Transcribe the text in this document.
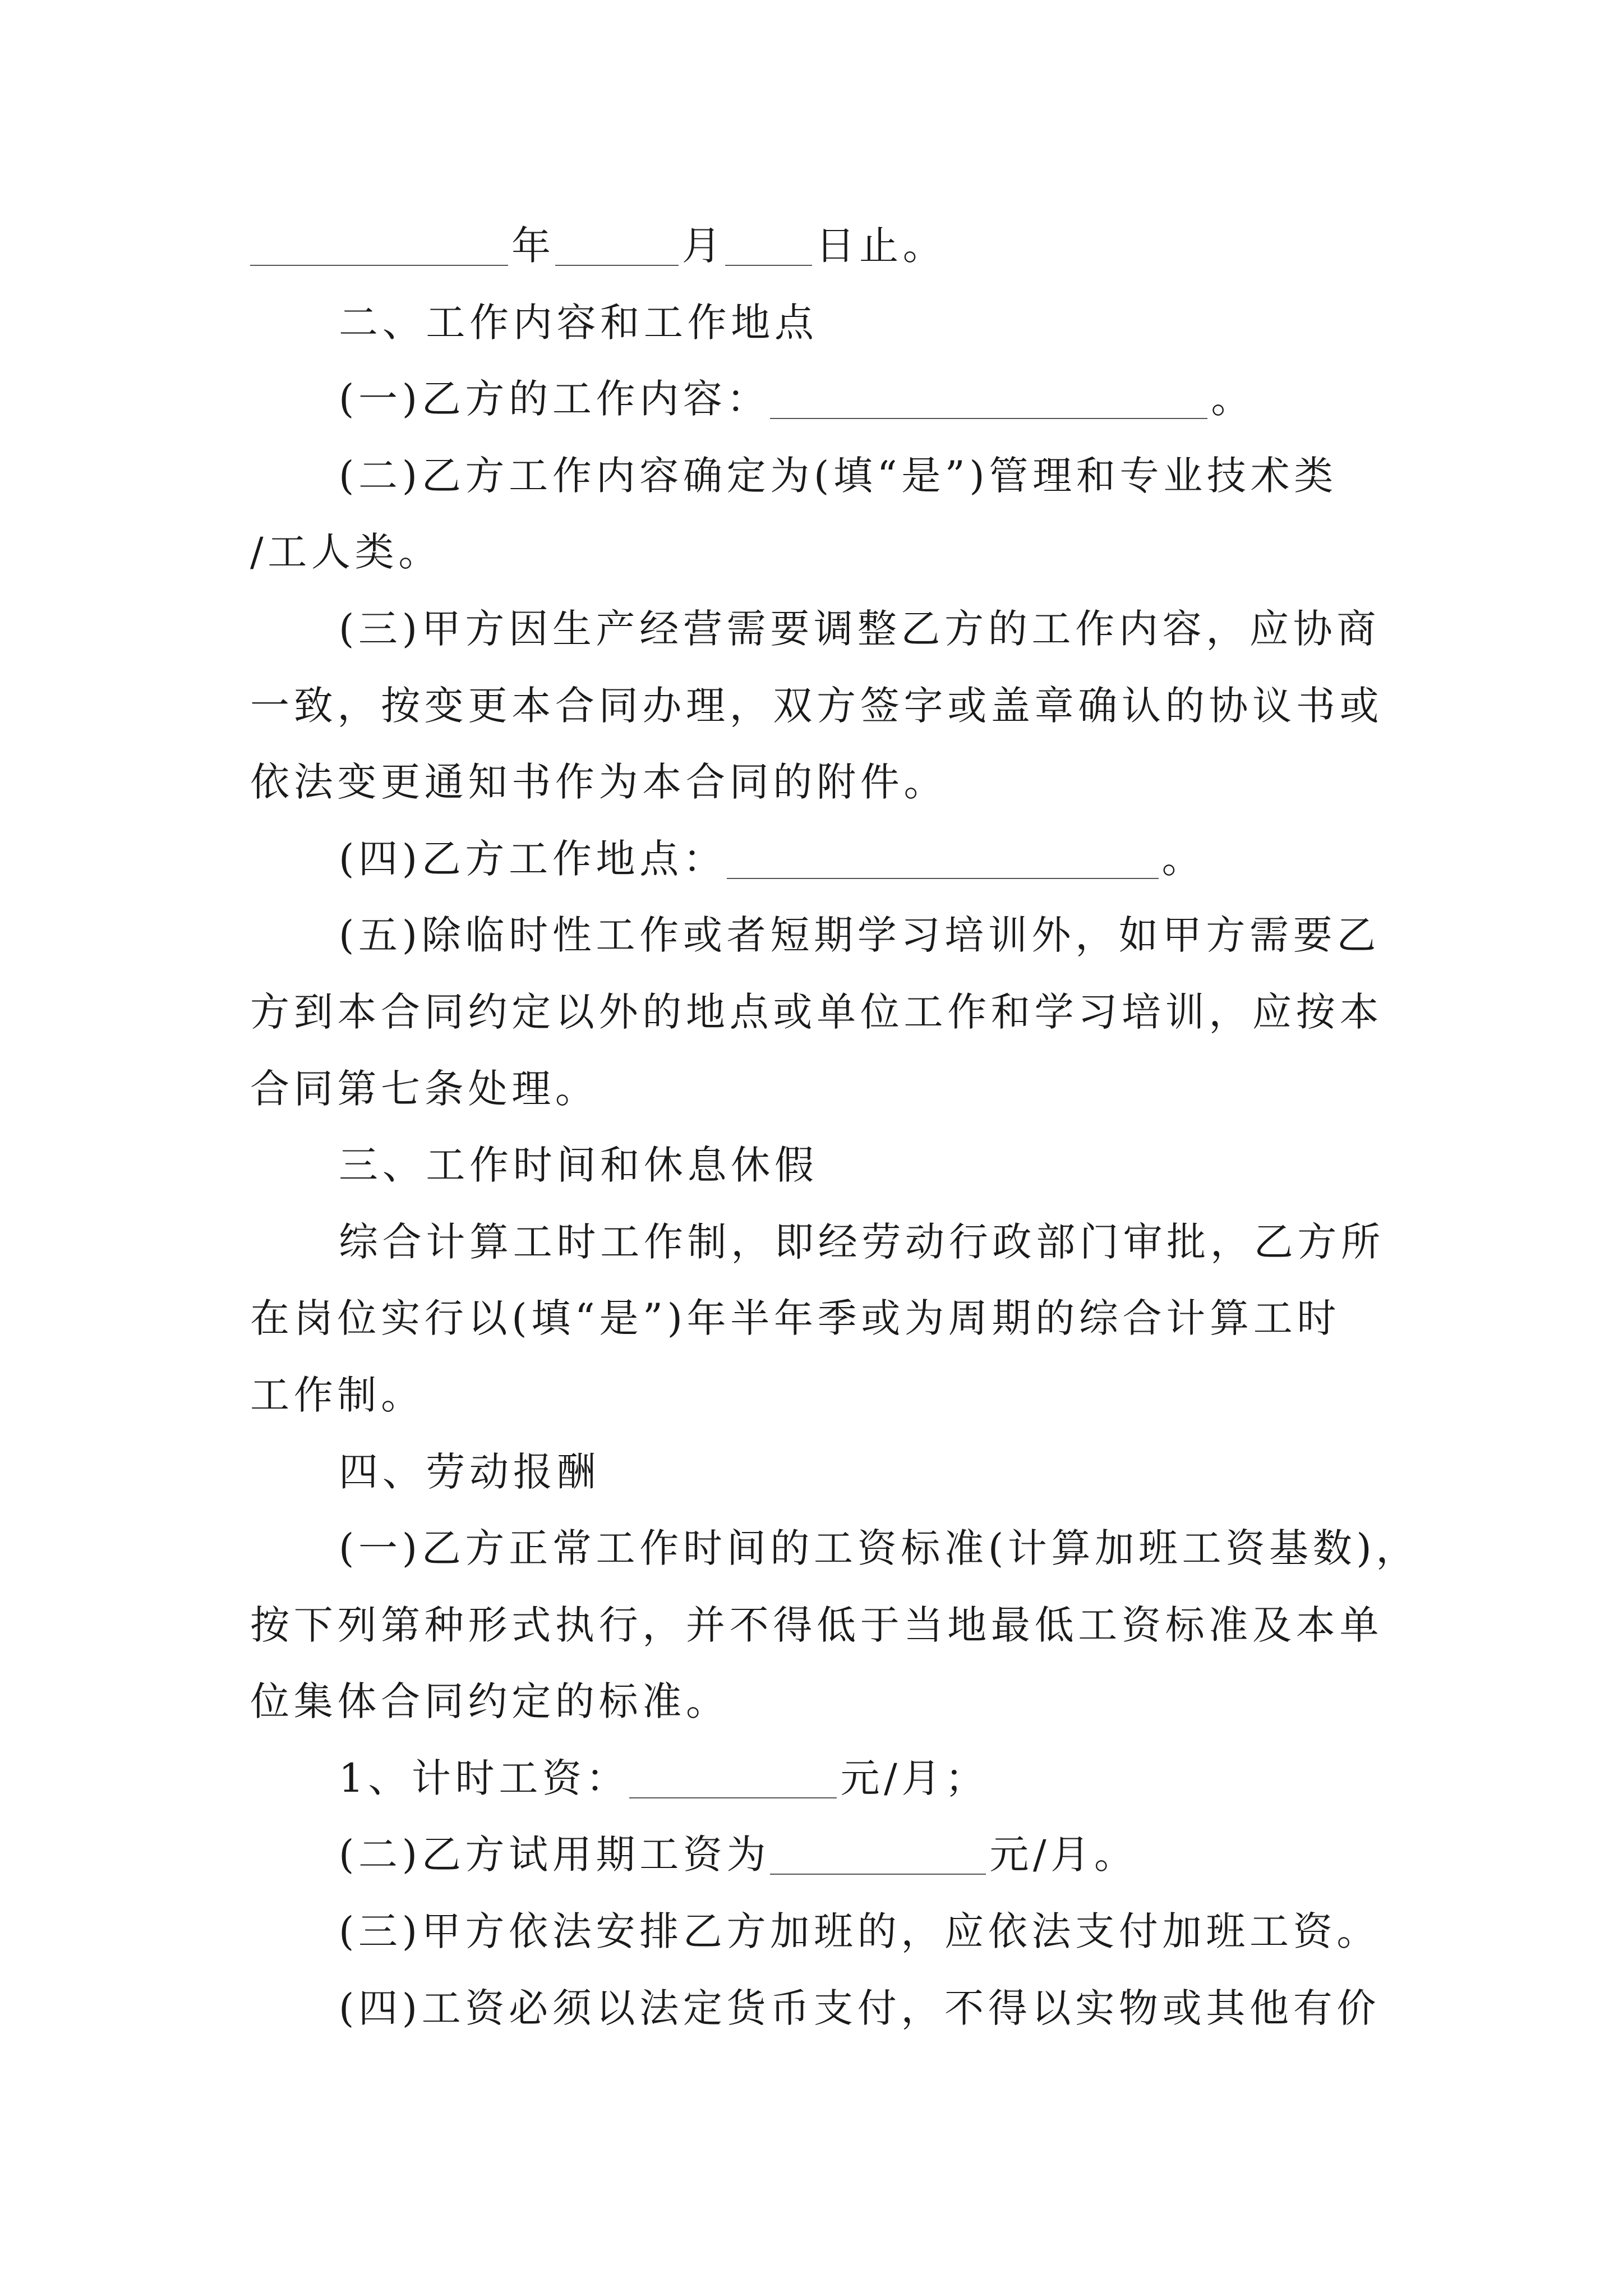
年	月 日止。
二、工作内容和工作地点
(一)乙方的工作内容：	。
(二)乙方工作内容确定为(填“是”)管理和专业技术类
/工人类。
(三)甲方因生产经营需要调整乙方的工作内容，应协商
一致，按变更本合同办理，双方签字或盖章确认的协议书或
依法变更通知书作为本合同的附件。
(四)乙方工作地点：	。
(五)除临时性工作或者短期学习培训外，如甲方需要乙
方到本合同约定以外的地点或单位工作和学习培训，应按本
合同第七条处理。
三、工作时间和休息休假
综合计算工时工作制，即经劳动行政部门审批，乙方所
在岗位实行以(填“是”)年半年季或为周期的综合计算工时
工作制。
四、劳动报酬
(一)乙方正常工作时间的工资标准(计算加班工资基数)，
按下列第种形式执行，并不得低于当地最低工资标准及本单
位集体合同约定的标准。
1、计时工资：	元/月；
(二)乙方试用期工资为	元/月。
(三)甲方依法安排乙方加班的，应依法支付加班工资。
(四)工资必须以法定货币支付，不得以实物或其他有价
